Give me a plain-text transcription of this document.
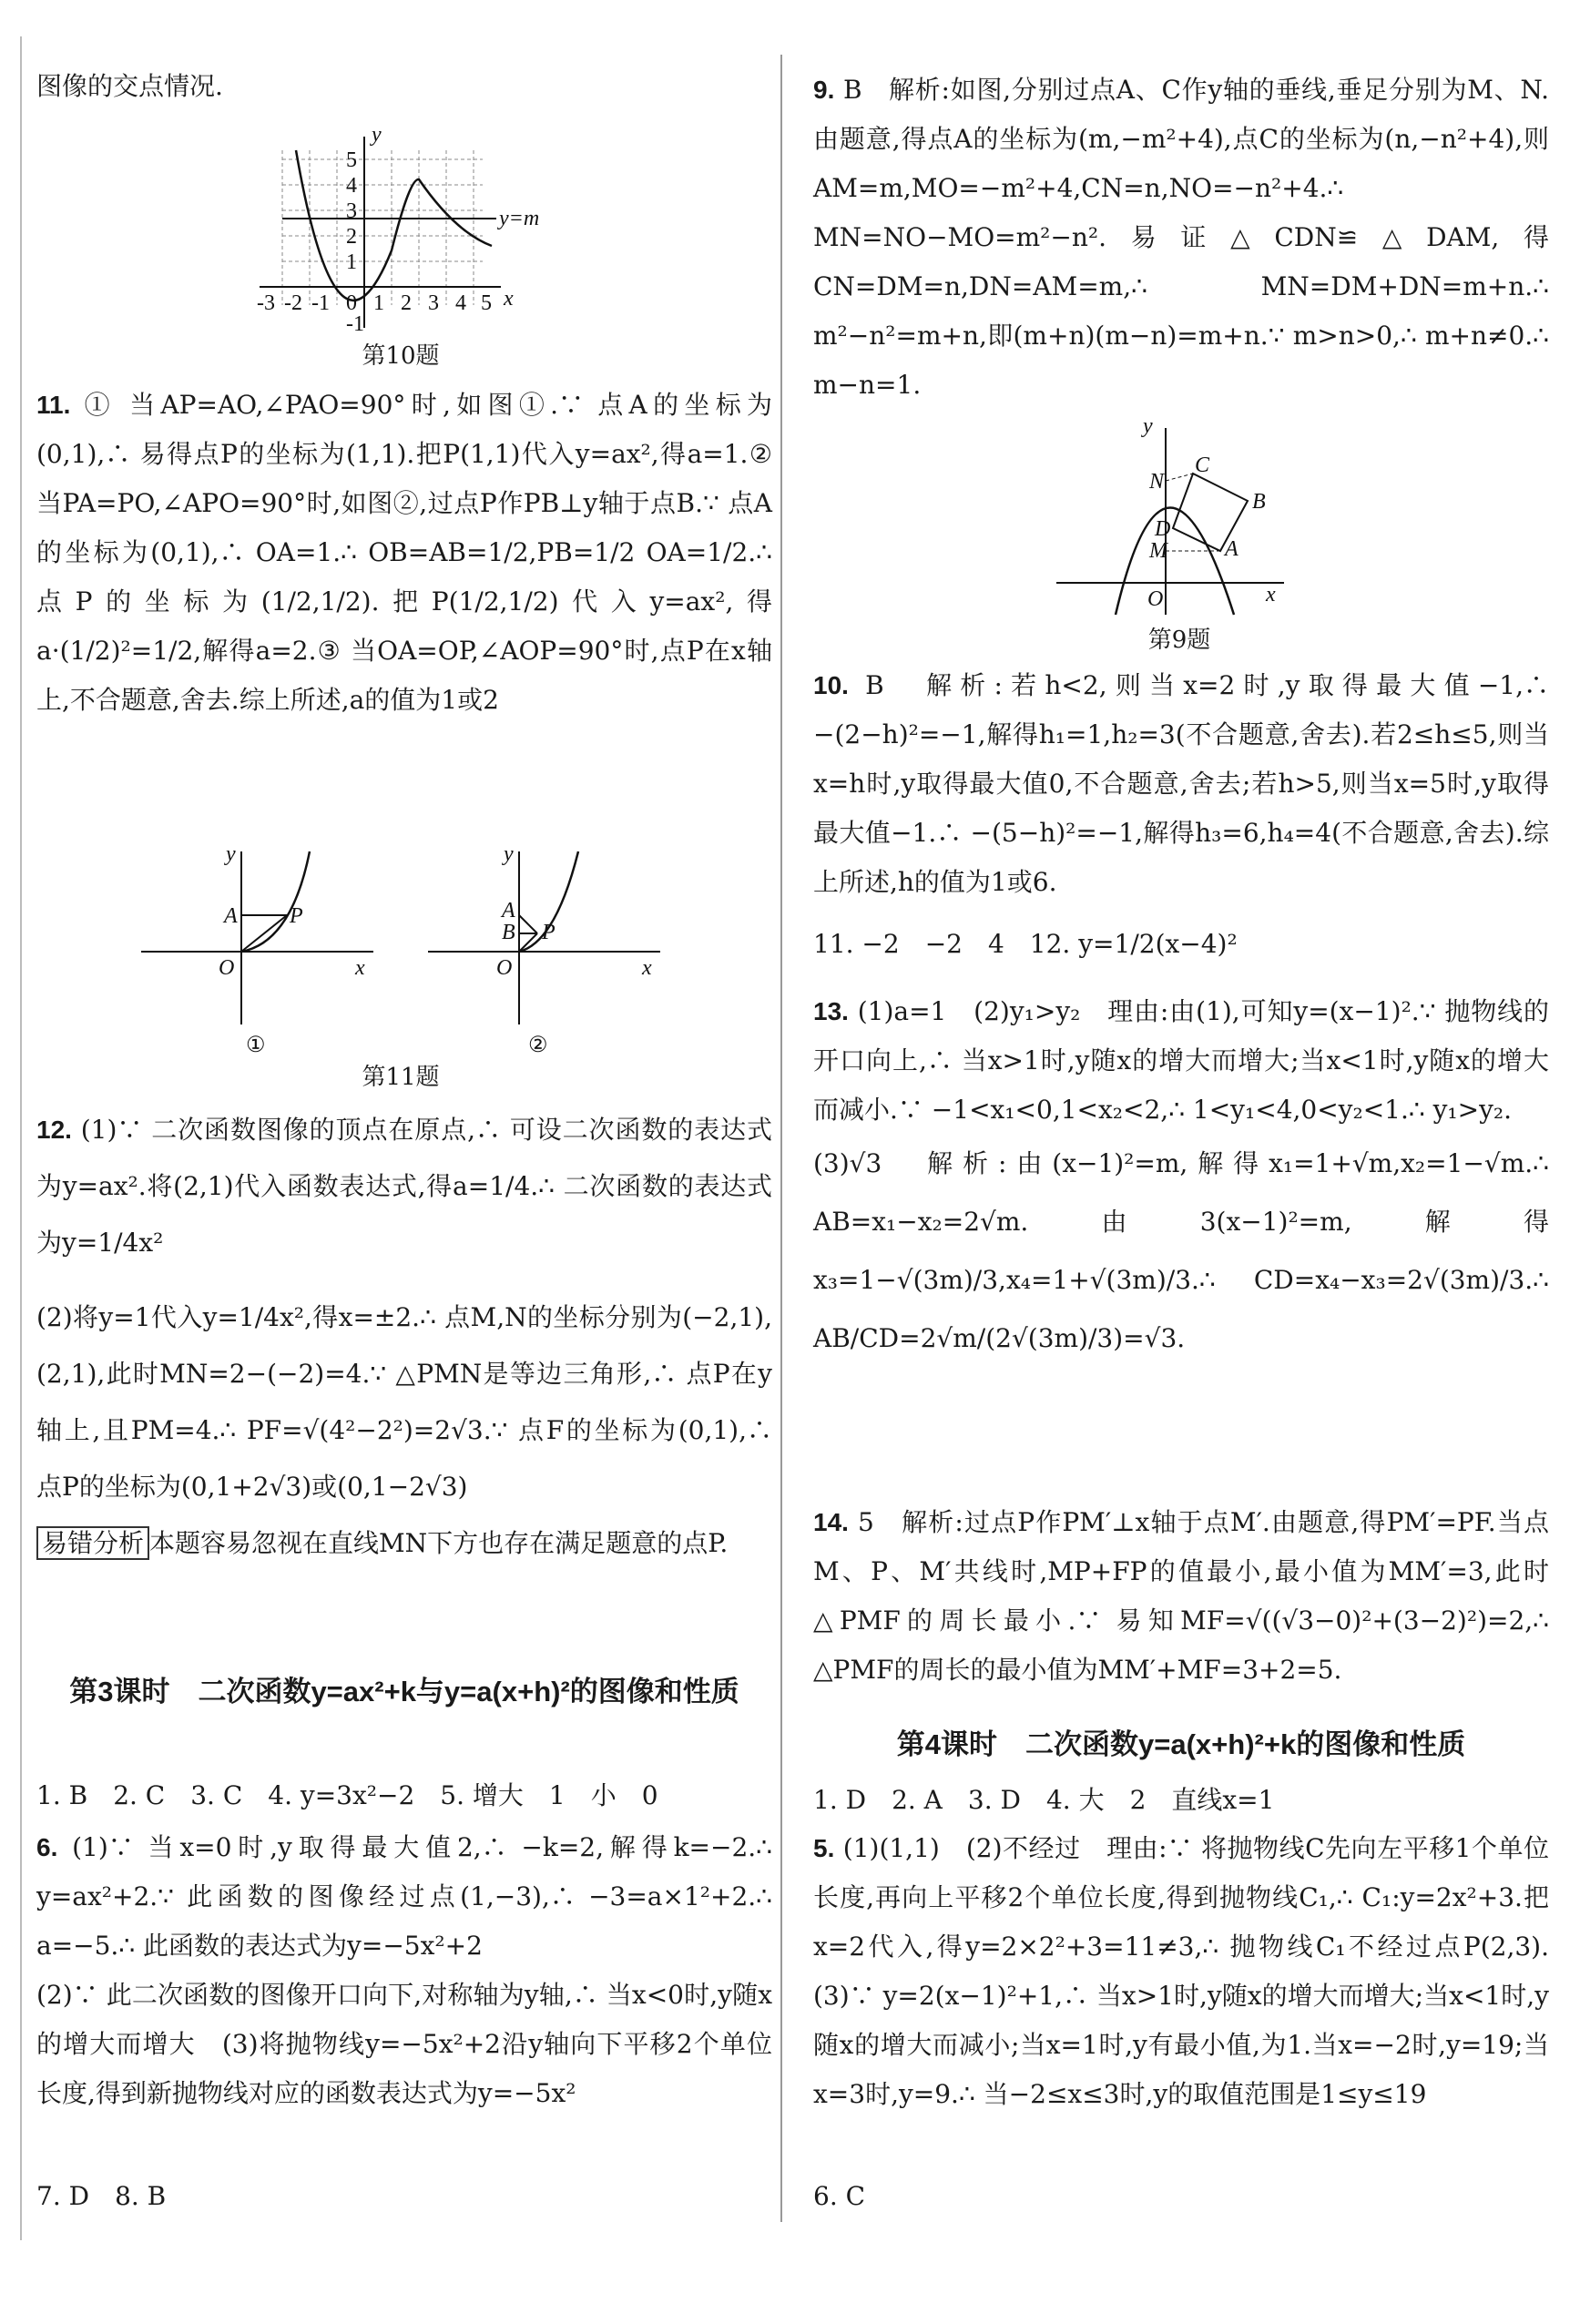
图像的交点情况.

y
x
y=m
-3 -2 -1 0 1 2 3 4 5
1
2
3
4
5
-1
第10题
11. ① 当AP=AO,∠PAO=90°时,如图①.∵ 点A的坐标为(0,1),∴ 易得点P的坐标为(1,1).把P(1,1)代入y=ax²,得a=1.② 当PA=PO,∠APO=90°时,如图②,过点P作PB⊥y轴于点B.∵ 点A的坐标为(0,1),∴ OA=1.∴ OB=AB=1/2,PB=1/2 OA=1/2.∴ 点P的坐标为(1/2,1/2).把P(1/2,1/2)代入y=ax²,得a·(1/2)²=1/2,解得a=2.③ 当OA=OP,∠AOP=90°时,点P在x轴上,不合题意,舍去.综上所述,a的值为1或2
y
x
O
A P
①
y
x
O
A
B P
②
第11题

12. (1)∵ 二次函数图像的顶点在原点,∴ 可设二次函数的表达式为y=ax².将(2,1)代入函数表达式,得a=1/4.∴ 二次函数的表达式为y=1/4x²

(2)将y=1代入y=1/4x²,得x=±2.∴ 点M,N的坐标分别为(−2,1),(2,1),此时MN=2−(−2)=4.∵ △PMN是等边三角形,∴ 点P在y轴上,且PM=4.∴ PF=√(4²−2²)=2√3.∵ 点F的坐标为(0,1),∴ 点P的坐标为(0,1+2√3)或(0,1−2√3)

易错分析 本题容易忽视在直线MN下方也存在满足题意的点P.

第3课时　二次函数y=ax²+k与y=a(x+h)²的图像和性质

1. B　2. C　3. C　4. y=3x²−2　5. 增大　1　小　0

6. (1)∵ 当x=0时,y取得最大值2,∴ −k=2,解得k=−2.∴ y=ax²+2.∵ 此函数的图像经过点(1,−3),∴ −3=a×1²+2.∴ a=−5.∴ 此函数的表达式为y=−5x²+2

(2)∵ 此二次函数的图像开口向下,对称轴为y轴,∴ 当x<0时,y随x的增大而增大　(3)将抛物线y=−5x²+2沿y轴向下平移2个单位长度,得到新抛物线对应的函数表达式为y=−5x²

7. D　8. B

9. B　解析:如图,分别过点A、C作y轴的垂线,垂足分别为M、N.由题意,得点A的坐标为(m,−m²+4),点C的坐标为(n,−n²+4),则AM=m,MO=−m²+4,CN=n,NO=−n²+4.∴ MN=NO−MO=m²−n².易证△CDN≌△DAM,得CN=DM=n,DN=AM=m,∴ MN=DM+DN=m+n.∴ m²−n²=m+n,即(m+n)(m−n)=m+n.∵ m>n>0,∴ m+n≠0.∴ m−n=1.
y
x
O
C
N
B
D
M	A
第9题
10. B　解析:若h<2,则当x=2时,y取得最大值−1,∴ −(2−h)²=−1,解得h₁=1,h₂=3(不合题意,舍去).若2≤h≤5,则当x=h时,y取得最大值0,不合题意,舍去;若h>5,则当x=5时,y取得最大值−1.∴ −(5−h)²=−1,解得h₃=6,h₄=4(不合题意,舍去).综上所述,h的值为1或6.

11. −2　−2　4　12. y=1/2(x−4)²

13. (1)a=1　(2)y₁>y₂　理由:由(1),可知y=(x−1)².∵ 抛物线的开口向上,∴ 当x>1时,y随x的增大而增大;当x<1时,y随x的增大而减小.∵ −1<x₁<0,1<x₂<2,∴ 1<y₁<4,0<y₂<1.∴ y₁>y₂.

(3)√3　解析:由(x−1)²=m,解得x₁=1+√m,x₂=1−√m.∴ AB=x₁−x₂=2√m.由3(x−1)²=m,解得x₃=1−√(3m)/3,x₄=1+√(3m)/3.∴ CD=x₄−x₃=2√(3m)/3.∴ AB/CD=2√m/(2√(3m)/3)=√3.

14. 5　解析:过点P作PM′⊥x轴于点M′.由题意,得PM′=PF.当点M、P、M′共线时,MP+FP的值最小,最小值为MM′=3,此时△PMF的周长最小.∵ 易知MF=√((√3−0)²+(3−2)²)=2,∴ △PMF的周长的最小值为MM′+MF=3+2=5.
第4课时　二次函数y=a(x+h)²+k的图像和性质

1. D　2. A　3. D　4. 大　2　直线x=1

5. (1)(1,1)　(2)不经过　理由:∵ 将抛物线C先向左平移1个单位长度,再向上平移2个单位长度,得到抛物线C₁,∴ C₁:y=2x²+3.把x=2代入,得y=2×2²+3=11≠3,∴ 抛物线C₁不经过点P(2,3).　(3)∵ y=2(x−1)²+1,∴ 当x>1时,y随x的增大而增大;当x<1时,y随x的增大而减小;当x=1时,y有最小值,为1.当x=−2时,y=19;当x=3时,y=9.∴ 当−2≤x≤3时,y的取值范围是1≤y≤19

6. C
